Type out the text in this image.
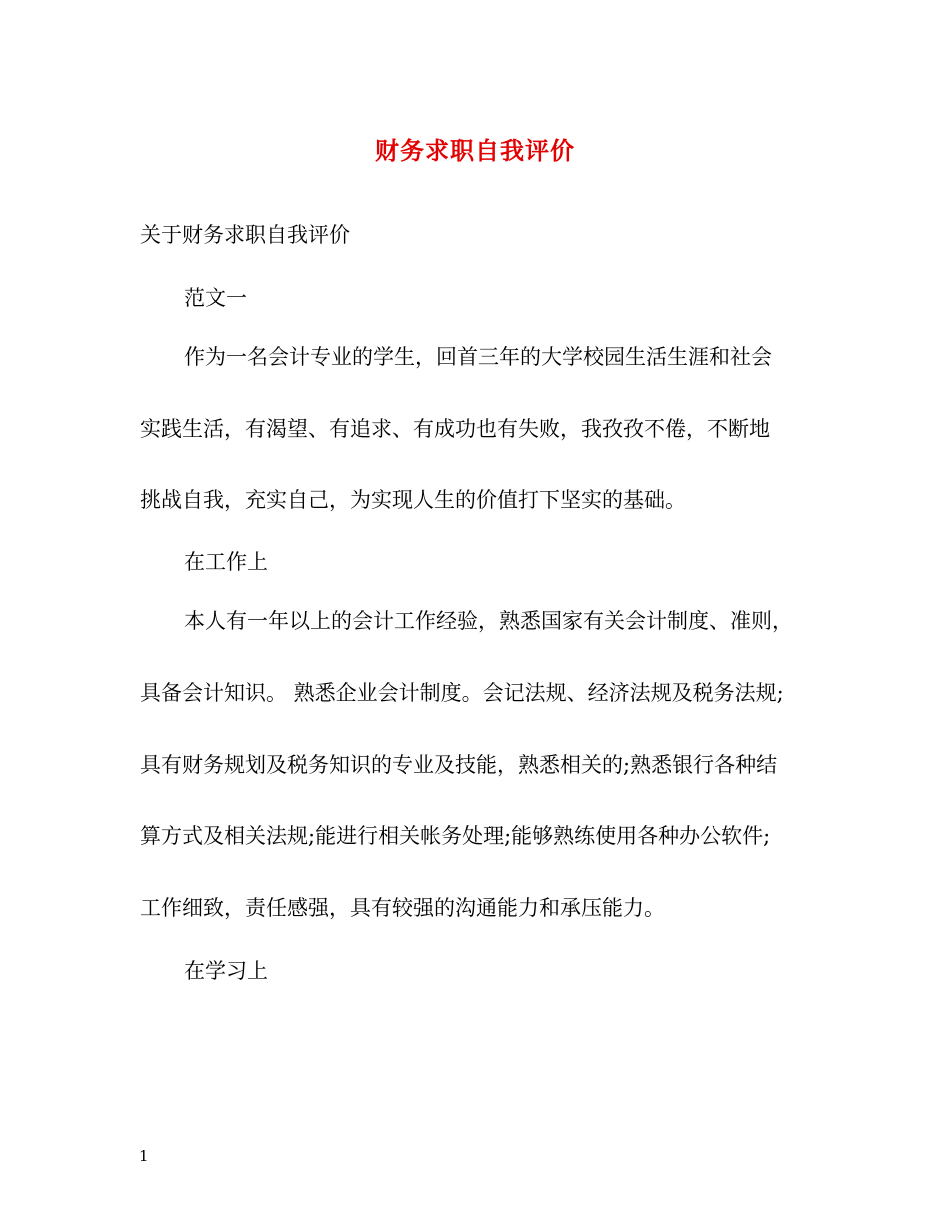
财务求职自我评价
关于财务求职自我评价
范文一
作为一名会计专业的学生，回首三年的大学校园生活生涯和社会
实践生活，有渴望、有追求、有成功也有失败，我孜孜不倦，不断地
挑战自我，充实自己，为实现人生的价值打下坚实的基础。
在工作上
本人有一年以上的会计工作经验，熟悉国家有关会计制度、准则，
具备会计知识。 熟悉企业会计制度。会记法规、经济法规及税务法规;
具有财务规划及税务知识的专业及技能，熟悉相关的;熟悉银行各种结
算方式及相关法规;能进行相关帐务处理;能够熟练使用各种办公软件;
工作细致，责任感强，具有较强的沟通能力和承压能力。
在学习上
1
